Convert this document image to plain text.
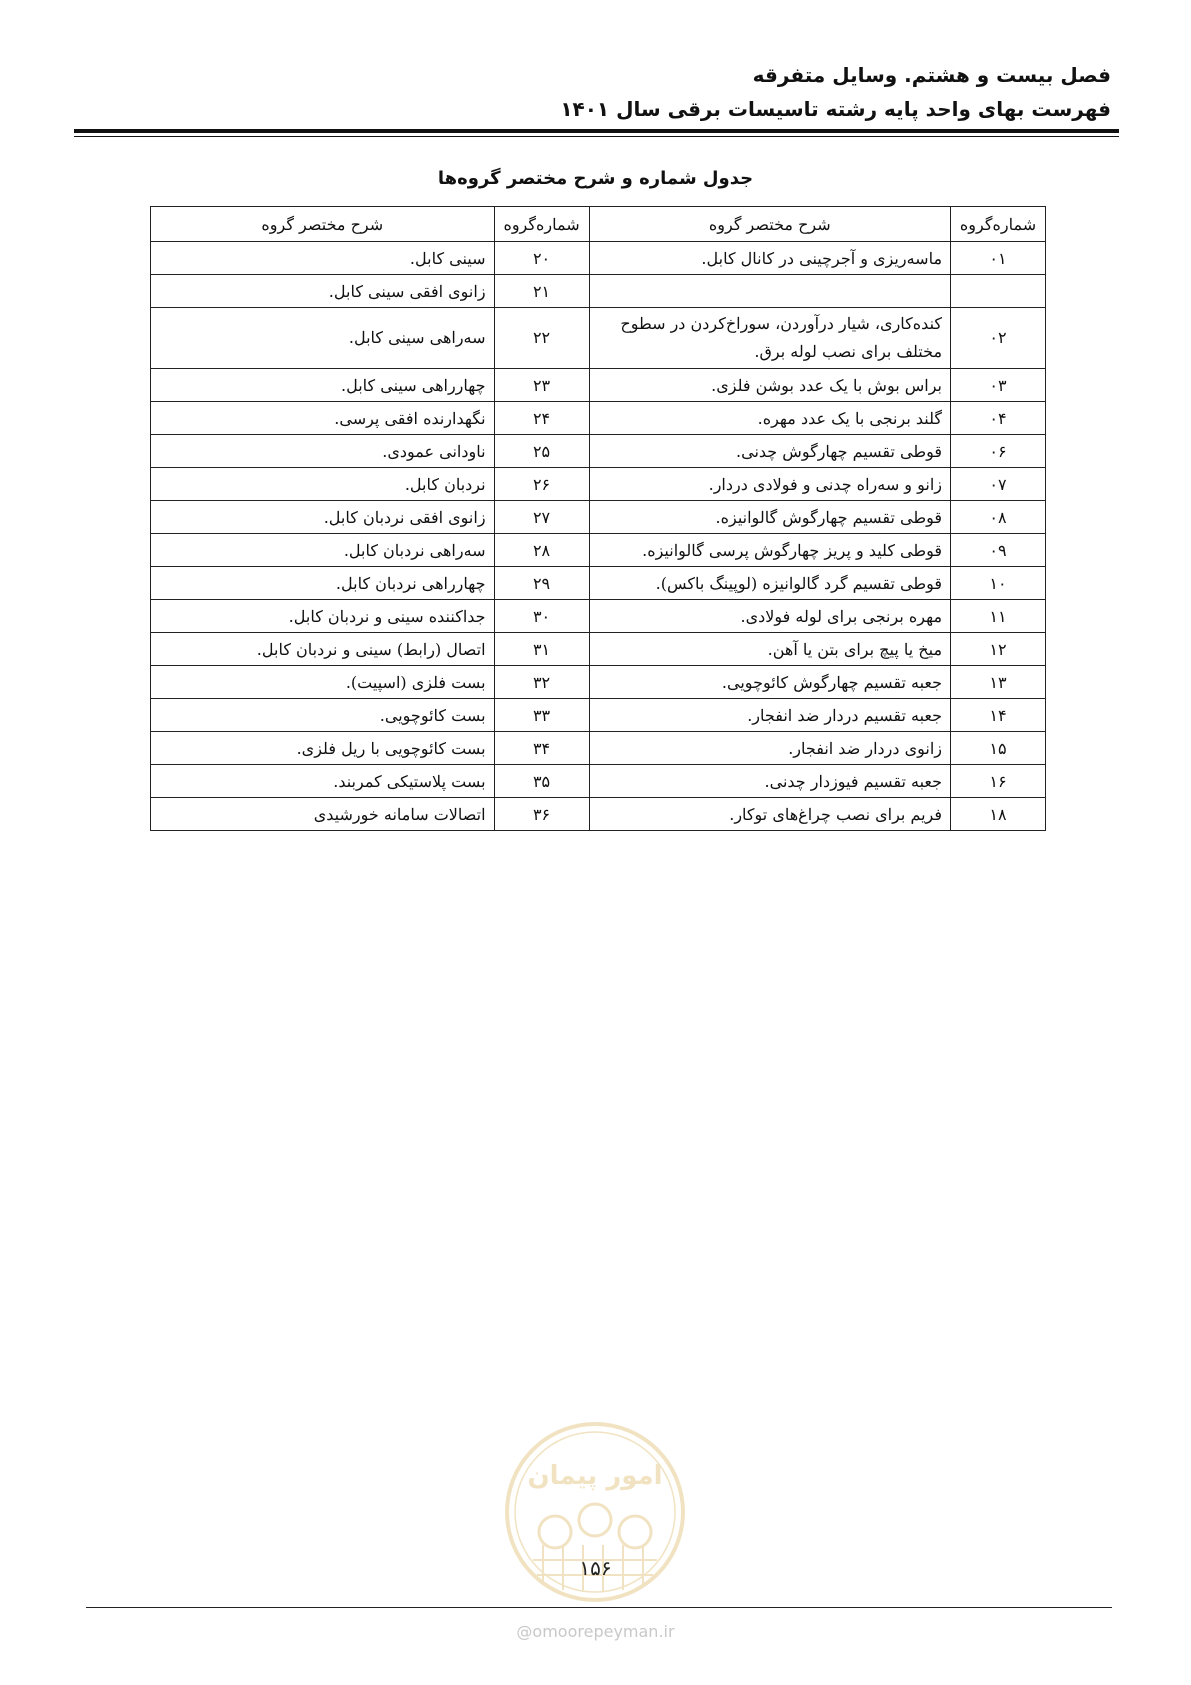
فصل بیست و هشتم. وسایل متفرقه
فهرست بهای واحد پایه رشته تاسیسات برقی سال ۱۴۰۱
جدول شماره و شرح مختصر گروه‌ها
شماره‌گروه	شرح مختصر گروه	شماره‌گروه	شرح مختصر گروه
۰۱	ماسه‌ریزی و آجرچینی در کانال کابل.	۲۰	سینی کابل.
		۲۱	زانوی افقی سینی کابل.
۰۲	کنده‌کاری، شیار درآوردن، سوراخ‌کردن در سطوح مختلف برای نصب لوله برق.	۲۲	سه‌راهی سینی کابل.
۰۳	براس بوش با یک عدد بوشن فلزی.	۲۳	چهارراهی سینی کابل.
۰۴	گلند برنجی با یک عدد مهره.	۲۴	نگهدارنده افقی پرسی.
۰۶	قوطی تقسیم چهارگوش چدنی.	۲۵	ناودانی عمودی.
۰۷	زانو و سه‌راه چدنی و فولادی دردار.	۲۶	نردبان کابل.
۰۸	قوطی تقسیم چهارگوش گالوانیزه.	۲۷	زانوی افقی نردبان کابل.
۰۹	قوطی کلید و پریز چهارگوش پرسی گالوانیزه.	۲۸	سه‌راهی نردبان کابل.
۱۰	قوطی تقسیم گرد گالوانیزه (لوپینگ باکس).	۲۹	چهارراهی نردبان کابل.
۱۱	مهره برنجی برای لوله فولادی.	۳۰	جداکننده سینی و نردبان کابل.
۱۲	میخ یا پیچ برای بتن یا آهن.	۳۱	اتصال (رابط) سینی و نردبان کابل.
۱۳	جعبه تقسیم چهارگوش کائوچویی.	۳۲	بست فلزی (اسپیت).
۱۴	جعبه تقسیم دردار ضد انفجار.	۳۳	بست کائوچویی.
۱۵	زانوی دردار ضد انفجار.	۳۴	بست کائوچویی با ریل فلزی.
۱۶	جعبه تقسیم فیوزدار چدنی.	۳۵	بست پلاستیکی کمربند.
۱۸	فریم برای نصب چراغ‌های توکار.	۳۶	اتصالات سامانه خورشیدی
امور پیمان
۱۵۶
@omoorepeyman.ir
